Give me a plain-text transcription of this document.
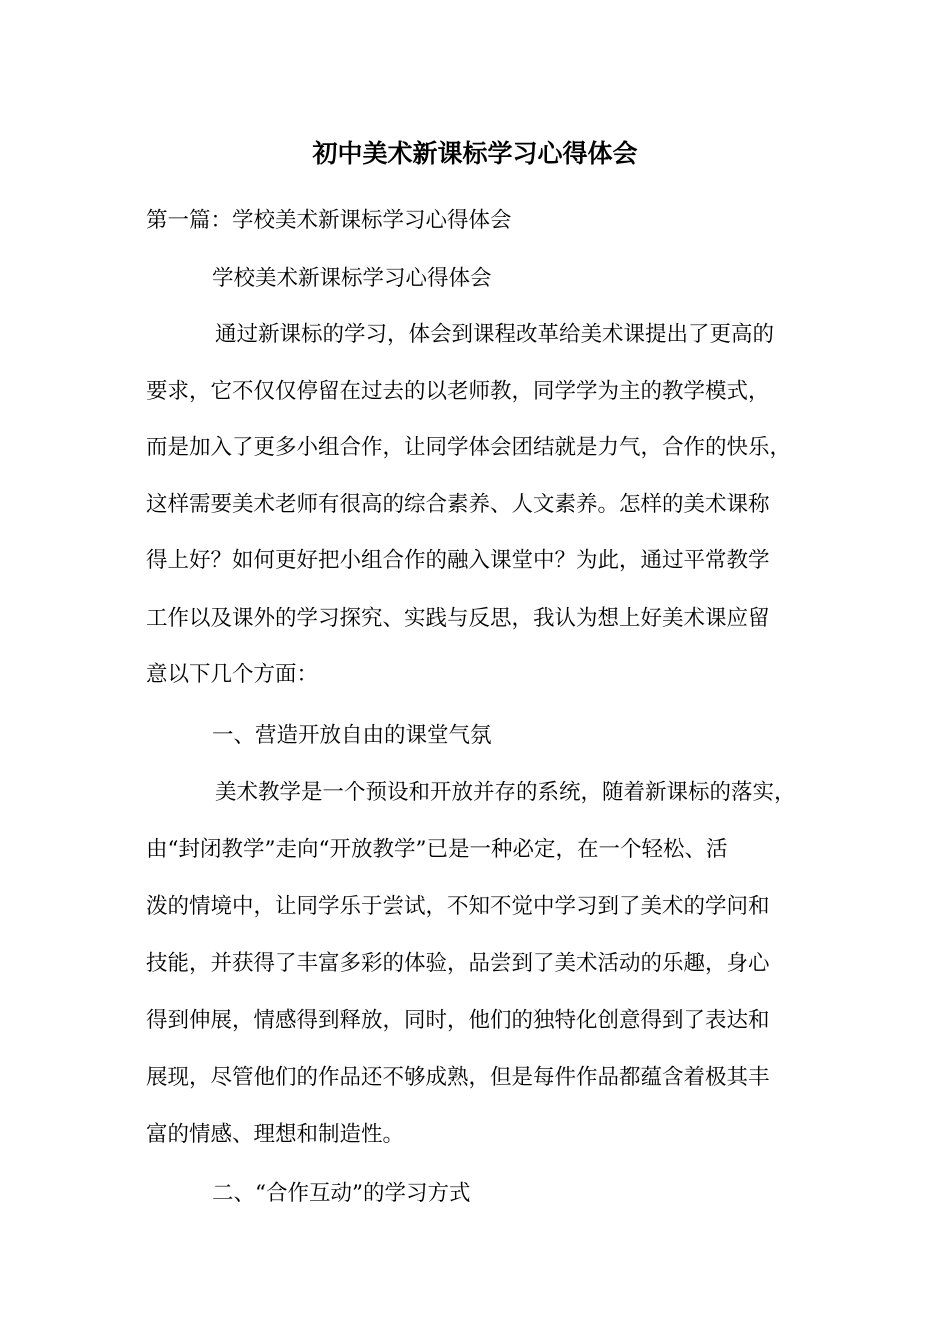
初中美术新课标学习心得体会

第一篇：学校美术新课标学习心得体会

学校美术新课标学习心得体会

通过新课标的学习，体会到课程改革给美术课提出了更高的

要求，它不仅仅停留在过去的以老师教，同学学为主的教学模式，

而是加入了更多小组合作，让同学体会团结就是力气，合作的快乐，

这样需要美术老师有很高的综合素养、人文素养。怎样的美术课称

得上好？如何更好把小组合作的融入课堂中？为此，通过平常教学

工作以及课外的学习探究、实践与反思，我认为想上好美术课应留

意以下几个方面：

一、营造开放自由的课堂气氛

美术教学是一个预设和开放并存的系统，随着新课标的落实，

由“封闭教学”走向“开放教学”已是一种必定，在一个轻松、活

泼的情境中，让同学乐于尝试，不知不觉中学习到了美术的学问和

技能，并获得了丰富多彩的体验，品尝到了美术活动的乐趣，身心

得到伸展，情感得到释放，同时，他们的独特化创意得到了表达和

展现，尽管他们的作品还不够成熟，但是每件作品都蕴含着极其丰

富的情感、理想和制造性。

二、“合作互动”的学习方式
